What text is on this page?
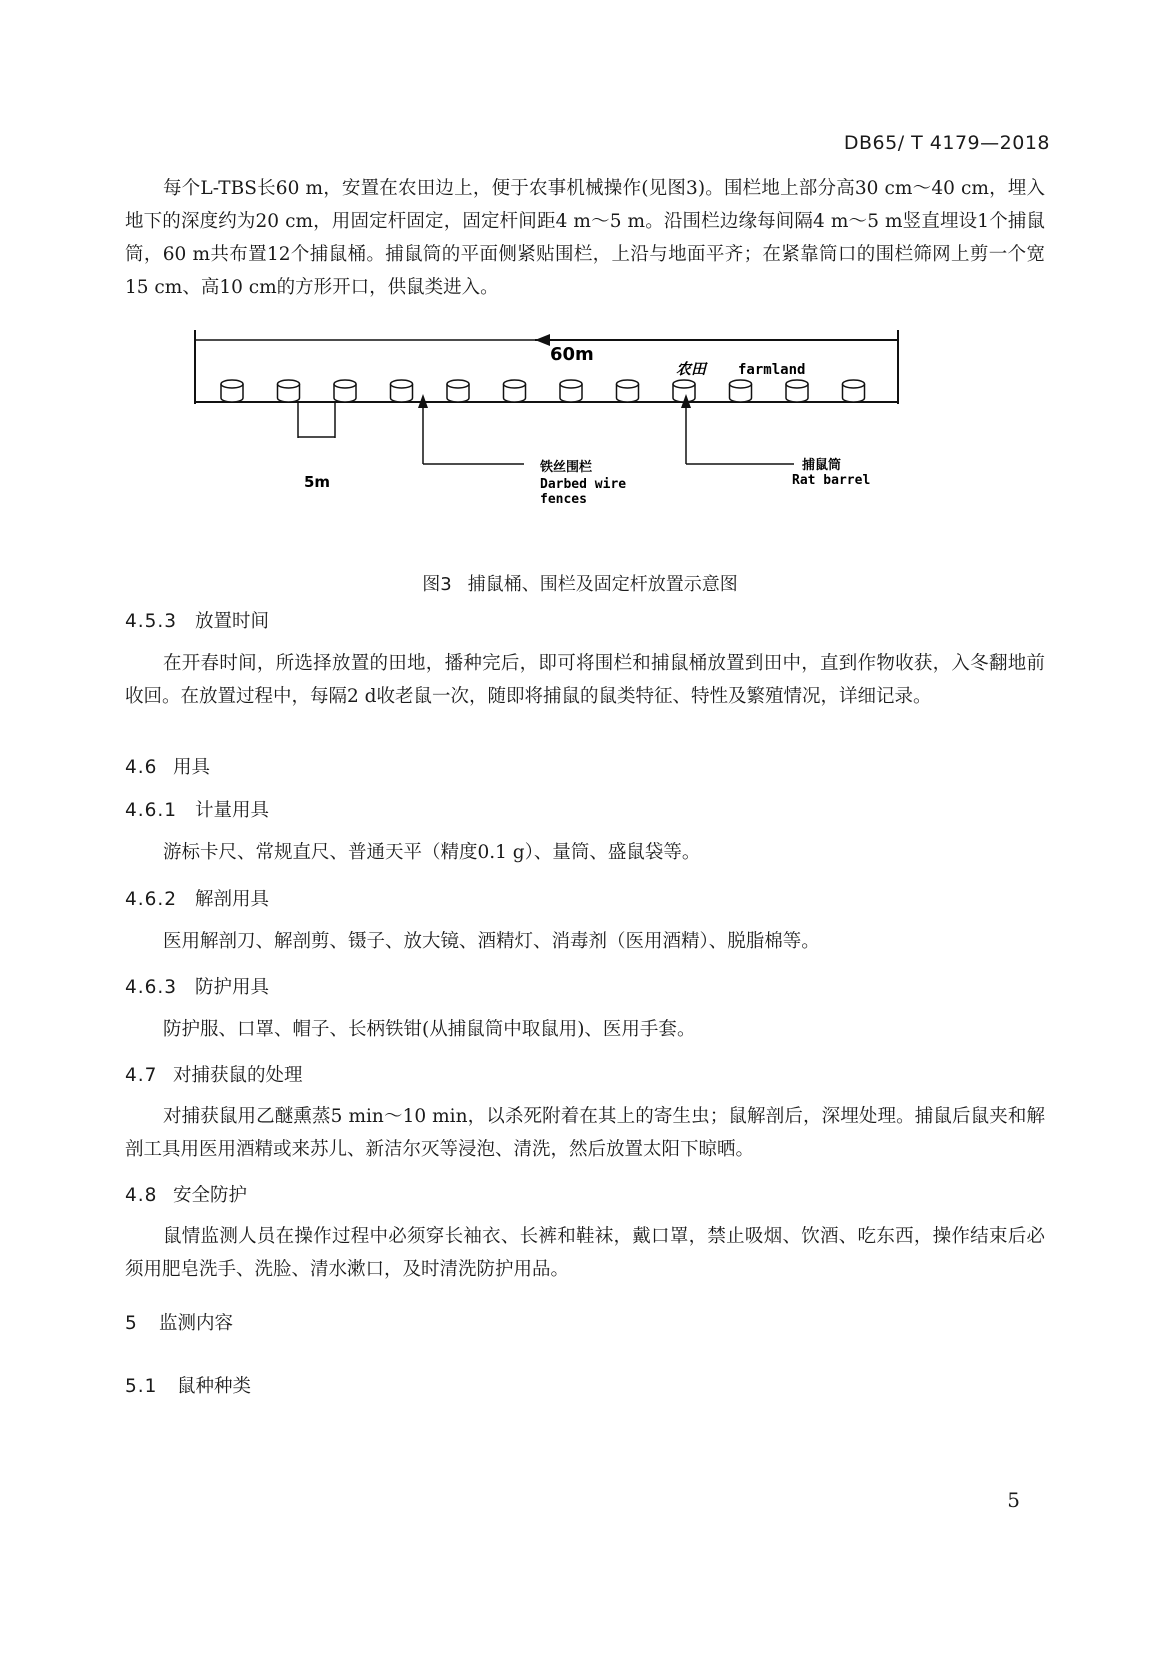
DB65/ T 4179—2018

每个L-TBS长60 m，安置在农田边上，便于农事机械操作(见图3)。围栏地上部分高30 cm～40 cm，埋入地下的深度约为20 cm，用固定杆固定，固定杆间距4 m～5 m。沿围栏边缘每间隔4 m～5 m竖直埋设1个捕鼠筒，60 m共布置12个捕鼠桶。捕鼠筒的平面侧紧贴围栏，上沿与地面平齐；在紧靠筒口的围栏筛网上剪一个宽15 cm、高10 cm的方形开口，供鼠类进入。

60m
农田 farmland
5m
铁丝围栏
Darbed wire
fences
捕鼠筒
Rat barrel
图3 捕鼠桶、围栏及固定杆放置示意图
4.5.3 放置时间

在开春时间，所选择放置的田地，播种完后，即可将围栏和捕鼠桶放置到田中，直到作物收获，入冬翻地前收回。在放置过程中，每隔2 d收老鼠一次，随即将捕鼠的鼠类特征、特性及繁殖情况，详细记录。

4.6 用具
4.6.1 计量用具

游标卡尺、常规直尺、普通天平（精度0.1 g）、量筒、盛鼠袋等。

4.6.2 解剖用具

医用解剖刀、解剖剪、镊子、放大镜、酒精灯、消毒剂（医用酒精）、脱脂棉等。

4.6.3 防护用具

防护服、口罩、帽子、长柄铁钳(从捕鼠筒中取鼠用)、医用手套。

4.7 对捕获鼠的处理

对捕获鼠用乙醚熏蒸5 min～10 min，以杀死附着在其上的寄生虫；鼠解剖后，深埋处理。捕鼠后鼠夹和解剖工具用医用酒精或来苏儿、新洁尔灭等浸泡、清洗，然后放置太阳下晾晒。

4.8 安全防护

鼠情监测人员在操作过程中必须穿长袖衣、长裤和鞋袜，戴口罩，禁止吸烟、饮酒、吃东西，操作结束后必须用肥皂洗手、洗脸、清水漱口，及时清洗防护用品。

5 监测内容
5.1 鼠种种类
5
